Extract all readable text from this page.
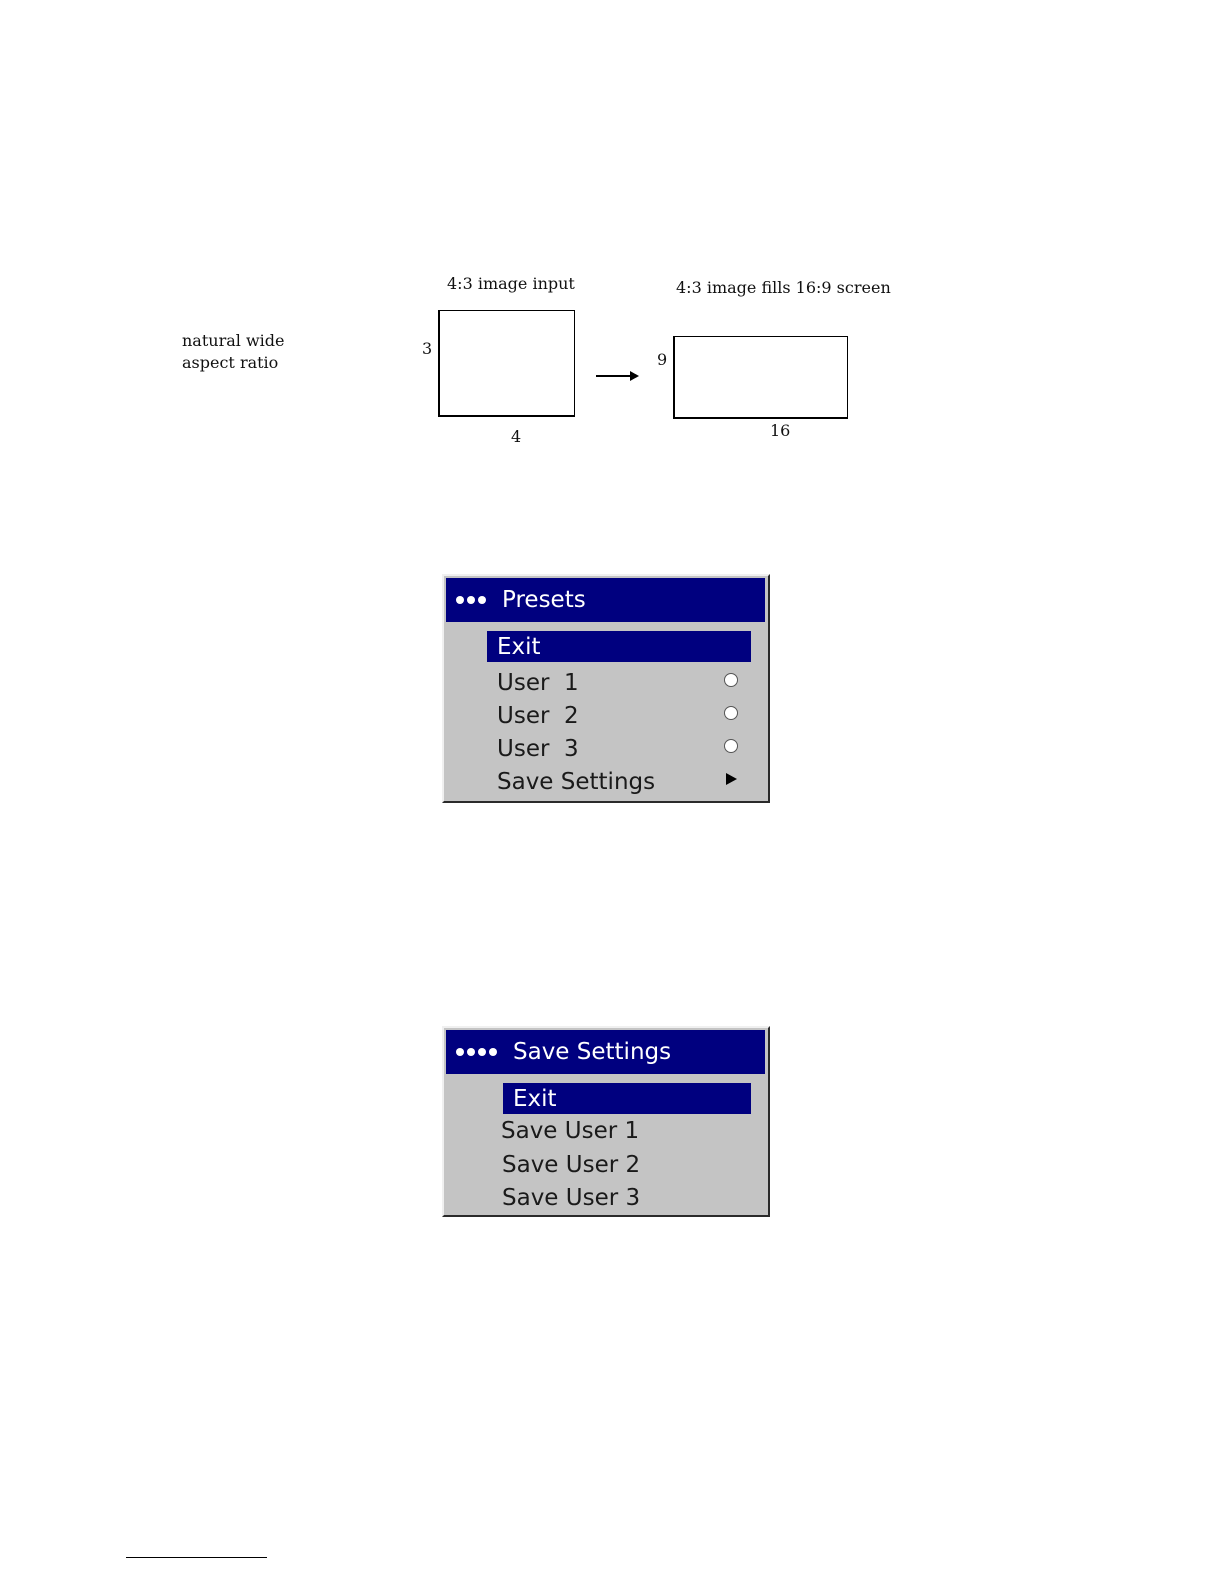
natural wide
aspect ratio
4:3 image input
3
4
4:3 image fills 16:9 screen
9
16
Presets
Exit
User  1
User  2
User  3
Save Settings
Save Settings
Exit
Save User 1
Save User 2
Save User 3
